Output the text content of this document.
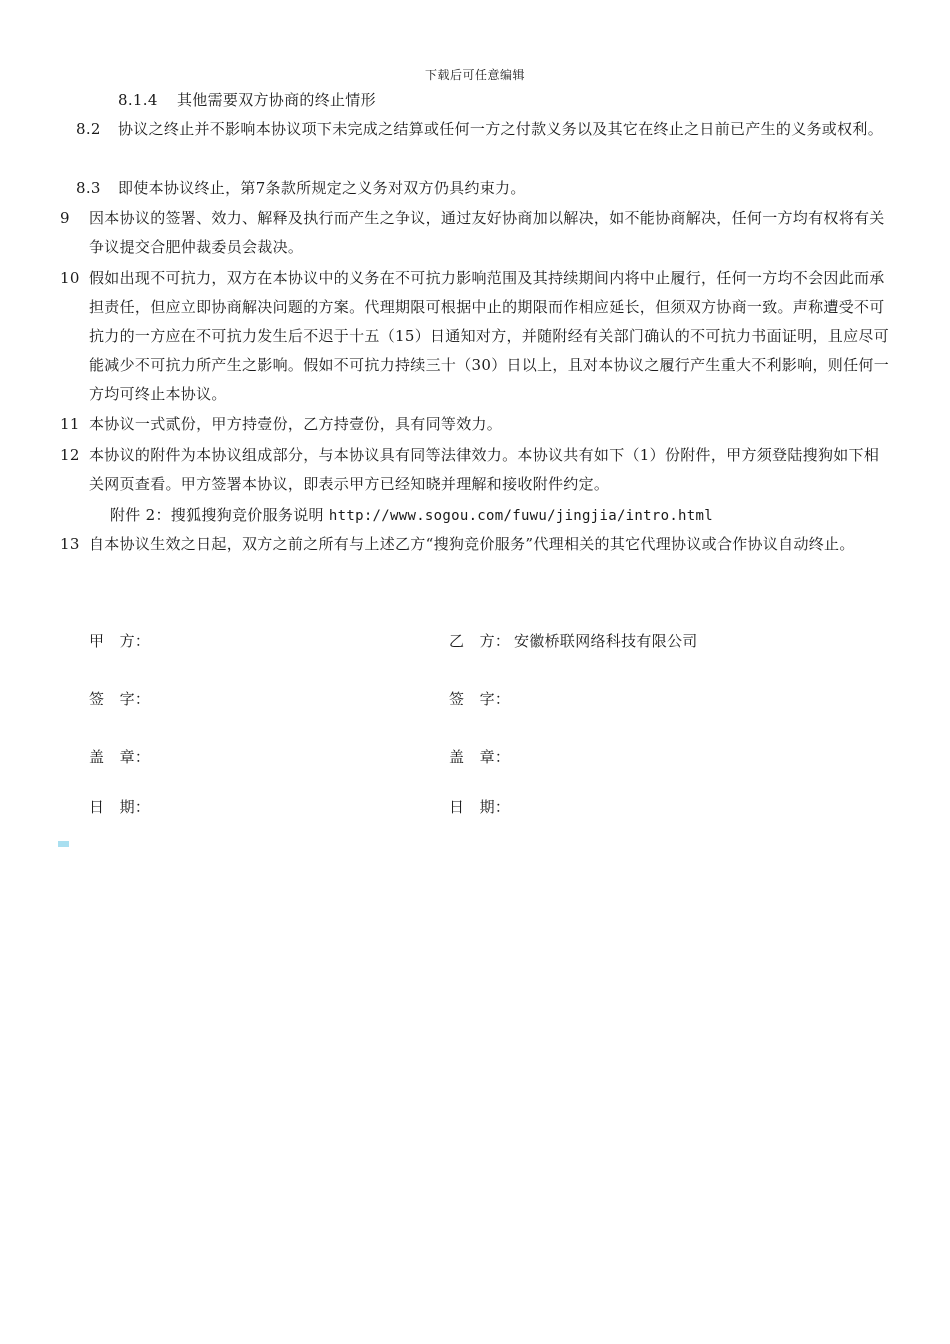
下载后可任意编辑
8.1.4	其他需要双方协商的终止情形
8.2	协议之终止并不影响本协议项下未完成之结算或任何一方之付款义务以及其它在终止之日前已产生的义务或权利。
8.3	即使本协议终止，第7条款所规定之义务对双方仍具约束力。
9	因本协议的签署、效力、解释及执行而产生之争议，通过友好协商加以解决，如不能协商解决，任何一方均有权将有关争议提交合肥仲裁委员会裁决。
10 假如出现不可抗力，双方在本协议中的义务在不可抗力影响范围及其持续期间内将中止履行，任何一方均不会因此而承担责任，但应立即协商解决问题的方案。代理期限可根据中止的期限而作相应延长，但须双方协商一致。声称遭受不可抗力的一方应在不可抗力发生后不迟于十五（15）日通知对方，并随附经有关部门确认的不可抗力书面证明，且应尽可能减少不可抗力所产生之影响。假如不可抗力持续三十（30）日以上，且对本协议之履行产生重大不利影响，则任何一方均可终止本协议。
11 本协议一式贰份，甲方持壹份，乙方持壹份，具有同等效力。
12 本协议的附件为本协议组成部分，与本协议具有同等法律效力。本协议共有如下（1）份附件，甲方须登陆搜狗如下相关网页查看。甲方签署本协议，即表示甲方已经知晓并理解和接收附件约定。
附件 2：搜狐搜狗竞价服务说明 http://www.sogou.com/fuwu/jingjia/intro.html
13 自本协议生效之日起，双方之前之所有与上述乙方“搜狗竞价服务”代理相关的其它代理协议或合作协议自动终止。
甲　方：	乙　方： 安徽桥联网络科技有限公司
签　字：	签　字：
盖　章：	盖　章：
日　期：	日　期：
